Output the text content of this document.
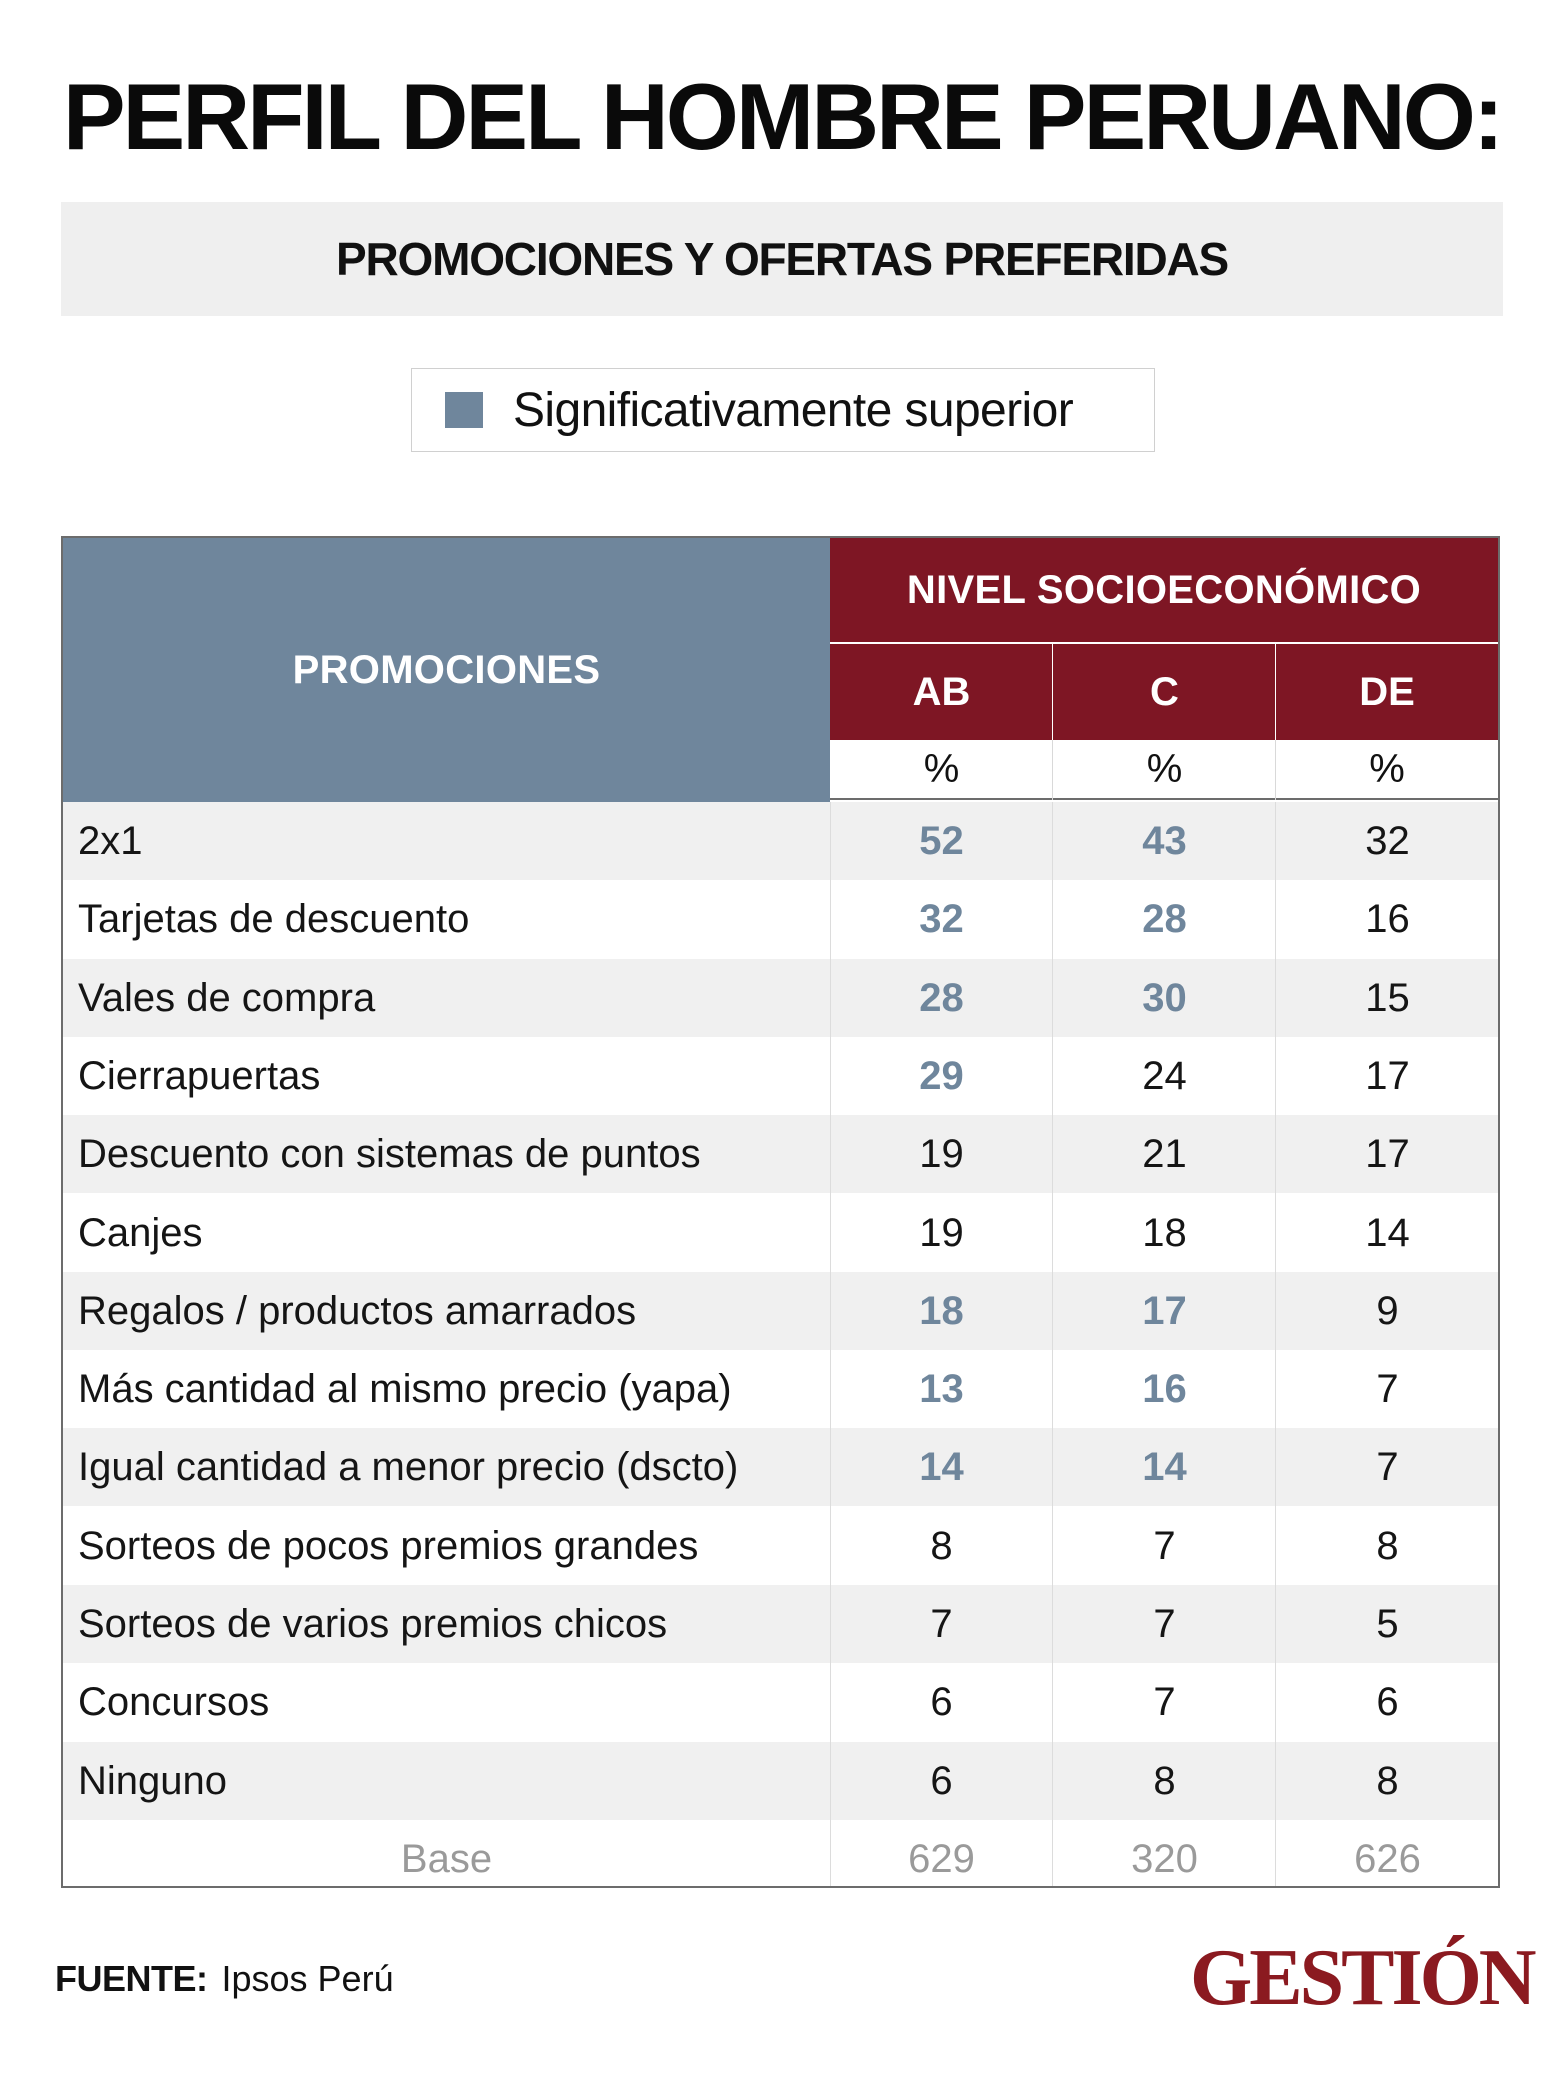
PERFIL DEL HOMBRE PERUANO:
PROMOCIONES Y OFERTAS PREFERIDAS
Significativamente superior
PROMOCIONES
NIVEL SOCIOECONÓMICO
AB	C	DE
%	%	%
2x1	52	43	32
Tarjetas de descuento	32	28	16
Vales de compra	28	30	15
Cierrapuertas	29	24	17
Descuento con sistemas de puntos	19	21	17
Canjes	19	18	14
Regalos / productos amarrados	18	17	9
Más cantidad al mismo precio (yapa)	13	16	7
Igual cantidad a menor precio (dscto)	14	14	7
Sorteos de pocos premios grandes	8	7	8
Sorteos de varios premios chicos	7	7	5
Concursos	6	7	6
Ninguno	6	8	8
Base	629	320	626
FUENTE: Ipsos Perú	GESTIÓN
